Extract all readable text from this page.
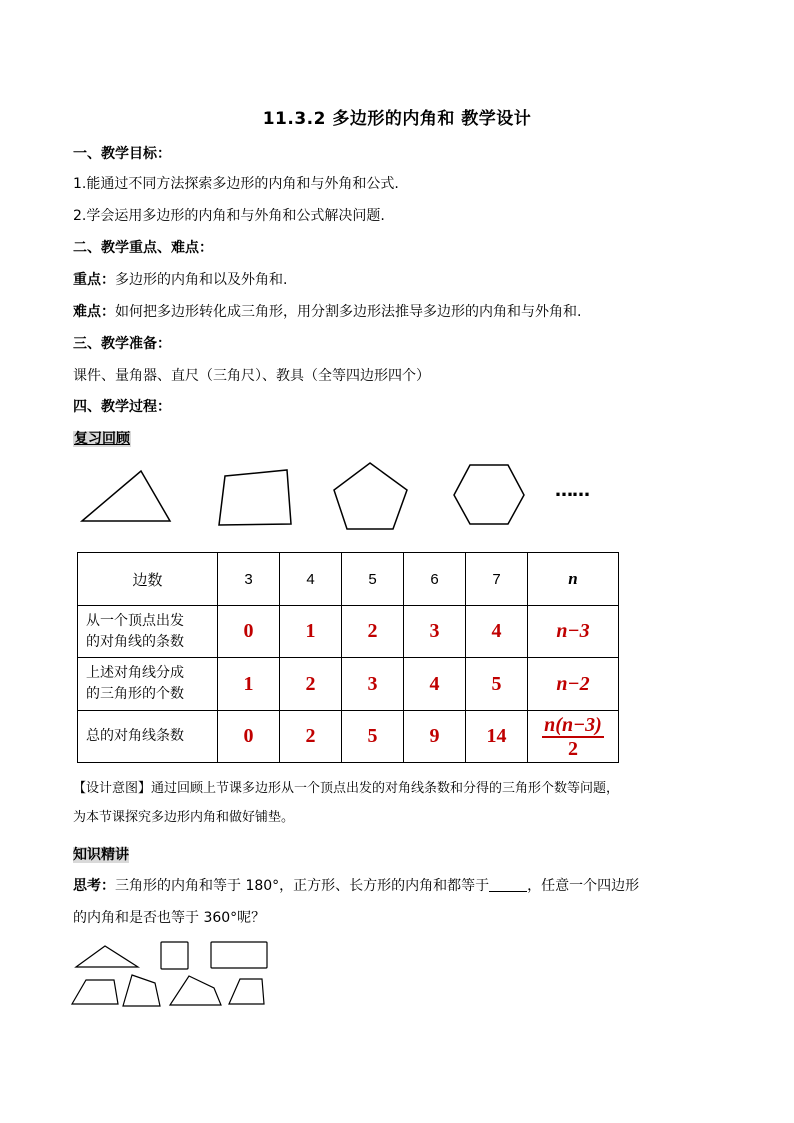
11.3.2 多边形的内角和 教学设计
一、教学目标：
1.能通过不同方法探索多边形的内角和与外角和公式.
2.学会运用多边形的内角和与外角和公式解决问题.
二、教学重点、难点：
重点：多边形的内角和以及外角和.
难点：如何把多边形转化成三角形，用分割多边形法推导多边形的内角和与外角和.
三、教学准备：
课件、量角器、直尺（三角尺）、教具（全等四边形四个）
四、教学过程：
复习回顾
……
边数	3	4	5	6	7	n
从一个顶点出发
的对角线的条数	0	1	2	3	4	n−3
上述对角线分成
的三角形的个数	1	2	3	4	5	n−2
总的对角线条数	0	2	5	9	14	$\frac{n(n-3)}{2}$
【设计意图】通过回顾上节课多边形从一个顶点出发的对角线条数和分得的三角形个数等问题，
为本节课探究多边形内角和做好铺垫。
知识精讲
思考：三角形的内角和等于 180°，正方形、长方形的内角和都等于	，任意一个四边形
的内角和是否也等于 360°呢？
